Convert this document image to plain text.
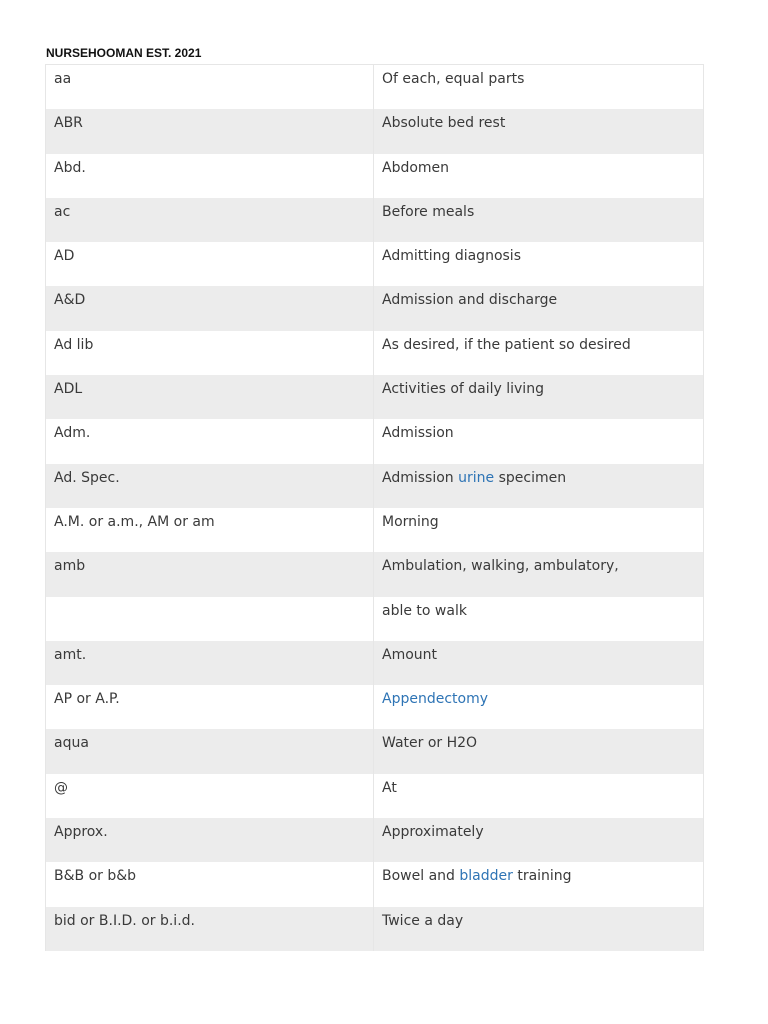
NURSEHOOMAN EST. 2021
aa	Of each, equal parts
ABR	Absolute bed rest
Abd.	Abdomen
ac	Before meals
AD	Admitting diagnosis
A&D	Admission and discharge
Ad lib	As desired, if the patient so desired
ADL	Activities of daily living
Adm.	Admission
Ad. Spec.	Admission urine specimen
A.M. or a.m., AM or am	Morning
amb	Ambulation, walking, ambulatory,
able to walk
amt.	Amount
AP or A.P.	Appendectomy
aqua	Water or H2O
@	At
Approx.	Approximately
B&B or b&b	Bowel and bladder training
bid or B.I.D. or b.i.d.	Twice a day
